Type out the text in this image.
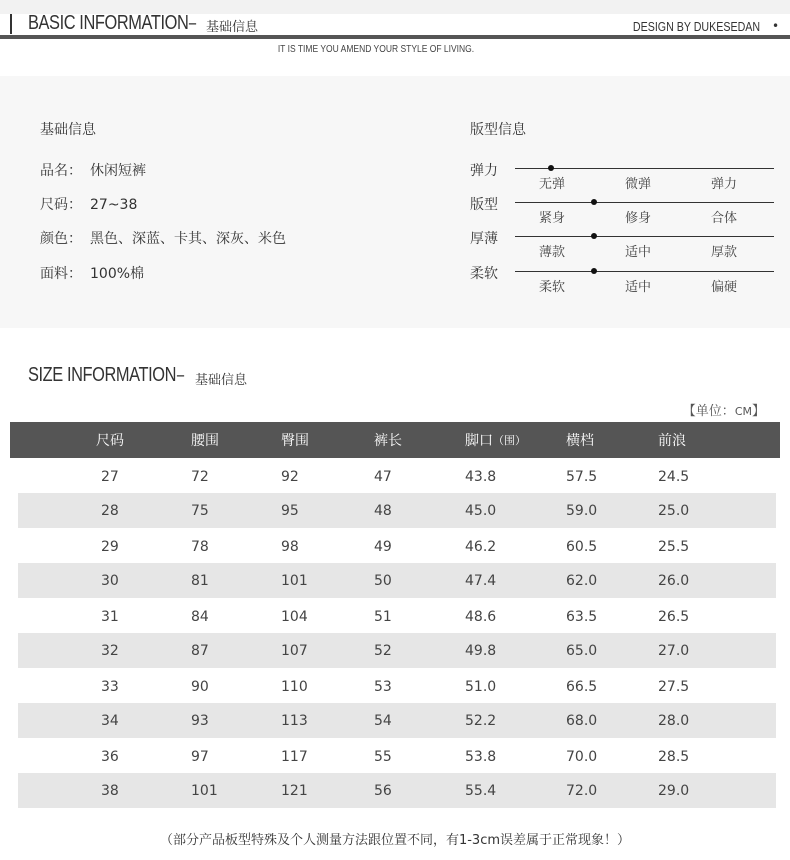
BASIC INFORMATION – 基础信息	DESIGN BY DUKESEDAN •
IT IS TIME YOU AMEND YOUR STYLE OF LIVING.
基础信息	版型信息
品名： 休闲短裤
尺码： 27~38
颜色： 黑色、深蓝、卡其、深灰、米色
面料： 100%棉
弹力
无弹	微弹	弹力
版型
紧身	修身	合体
厚薄
薄款	适中	厚款
柔软
柔软	适中	偏硬
SIZE INFORMATION – 基础信息
【单位：CM】
尺码	腰围	臀围	裤长	脚口 （围）	横档	前浪
27	72	92	47	43.8	57.5	24.5
28	75	95	48	45.0	59.0	25.0
29	78	98	49	46.2	60.5	25.5
30	81	101	50	47.4	62.0	26.0
31	84	104	51	48.6	63.5	26.5
32	87	107	52	49.8	65.0	27.0
33	90	110	53	51.0	66.5	27.5
34	93	113	54	52.2	68.0	28.0
36	97	117	55	53.8	70.0	28.5
38	101	121	56	55.4	72.0	29.0
（部分产品板型特殊及个人测量方法跟位置不同，有1-3cm误差属于正常现象！）
